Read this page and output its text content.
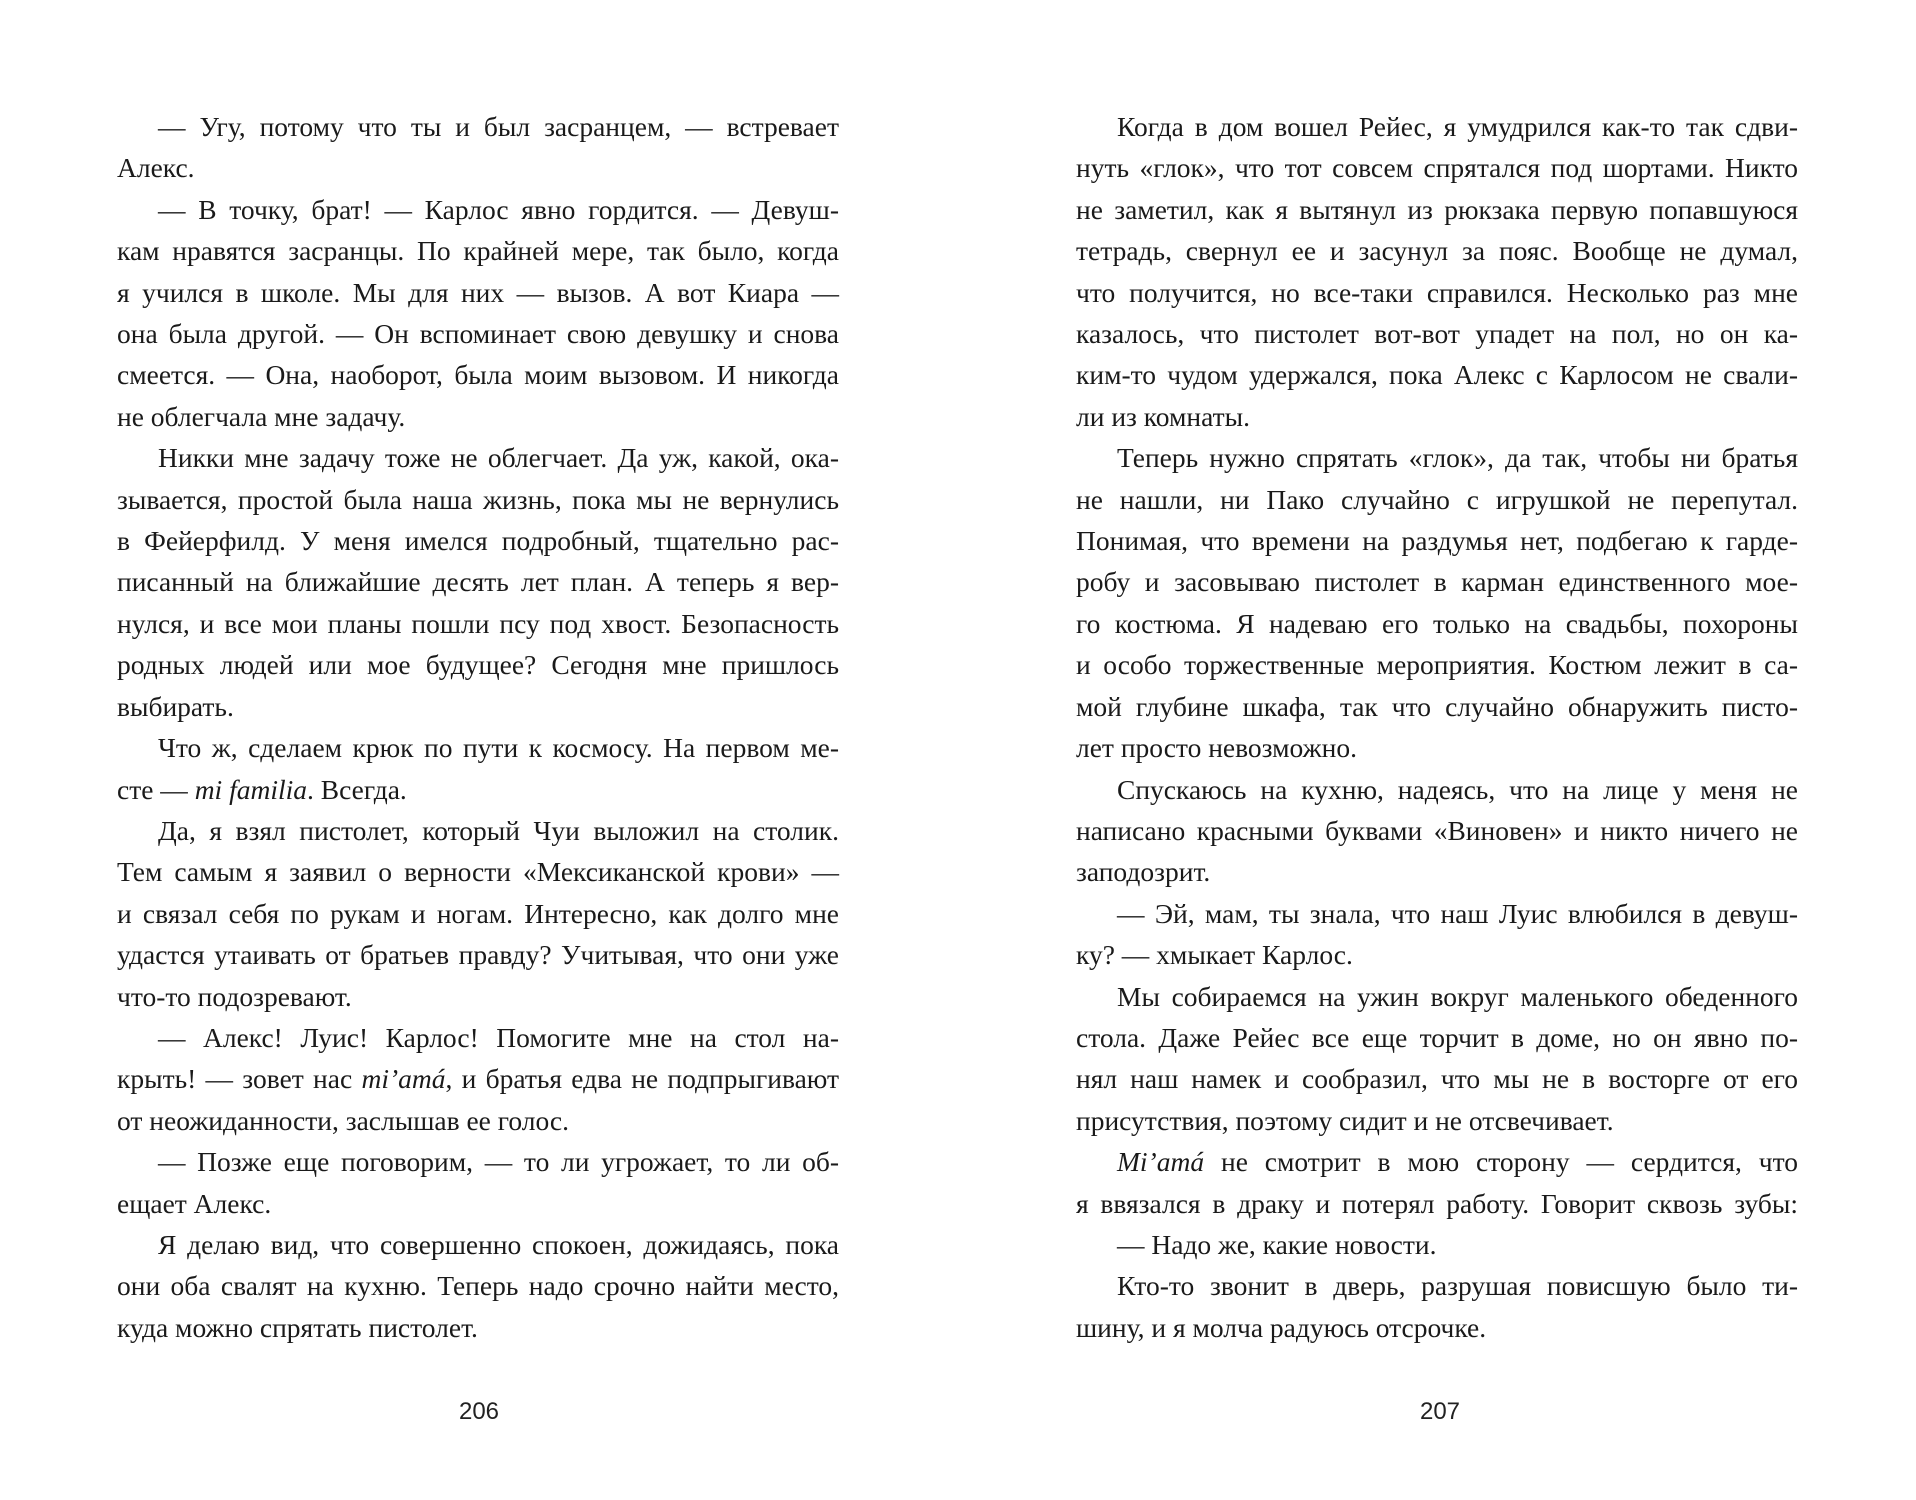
— Угу, потому что ты и был засранцем, — встревает
Алекс.
— В точку, брат! — Карлос явно гордится. — Девуш-
кам нравятся засранцы. По крайней мере, так было, когда
я учился в школе. Мы для них — вызов. А вот Киара —
она была другой. — Он вспоминает свою девушку и снова
смеется. — Она, наоборот, была моим вызовом. И никогда
не облегчала мне задачу.
Никки мне задачу тоже не облегчает. Да уж, какой, ока-
зывается, простой была наша жизнь, пока мы не вернулись
в Фейерфилд. У меня имелся подробный, тщательно рас-
писанный на ближайшие десять лет план. А теперь я вер-
нулся, и все мои планы пошли псу под хвост. Безопасность
родных людей или мое будущее? Сегодня мне пришлось
выбирать.
Что ж, сделаем крюк по пути к космосу. На первом ме-
сте — mi familia. Всегда.
Да, я взял пистолет, который Чуи выложил на столик.
Тем самым я заявил о верности «Мексиканской крови» —
и связал себя по рукам и ногам. Интересно, как долго мне
удастся утаивать от братьев правду? Учитывая, что они уже
что-то подозревают.
— Алекс! Луис! Карлос! Помогите мне на стол на-
крыть! — зовет нас mi’amá, и братья едва не подпрыгивают
от неожиданности, заслышав ее голос.
— Позже еще поговорим, — то ли угрожает, то ли об-
ещает Алекс.
Я делаю вид, что совершенно спокоен, дожидаясь, пока
они оба свалят на кухню. Теперь надо срочно найти место,
куда можно спрятать пистолет.
206
Когда в дом вошел Рейес, я умудрился как-то так сдви-
нуть «глок», что тот совсем спрятался под шортами. Никто
не заметил, как я вытянул из рюкзака первую попавшуюся
тетрадь, свернул ее и засунул за пояс. Вообще не думал,
что получится, но все-таки справился. Несколько раз мне
казалось, что пистолет вот-вот упадет на пол, но он ка-
ким-то чудом удержался, пока Алекс с Карлосом не свали-
ли из комнаты.
Теперь нужно спрятать «глок», да так, чтобы ни братья
не нашли, ни Пако случайно с игрушкой не перепутал.
Понимая, что времени на раздумья нет, подбегаю к гарде-
робу и засовываю пистолет в карман единственного мое-
го костюма. Я надеваю его только на свадьбы, похороны
и особо торжественные мероприятия. Костюм лежит в са-
мой глубине шкафа, так что случайно обнаружить писто-
лет просто невозможно.
Спускаюсь на кухню, надеясь, что на лице у меня не
написано красными буквами «Виновен» и никто ничего не
заподозрит.
— Эй, мам, ты знала, что наш Луис влюбился в девуш-
ку? — хмыкает Карлос.
Мы собираемся на ужин вокруг маленького обеденного
стола. Даже Рейес все еще торчит в доме, но он явно по-
нял наш намек и сообразил, что мы не в восторге от его
присутствия, поэтому сидит и не отсвечивает.
Mi’amá не смотрит в мою сторону — сердится, что
я ввязался в драку и потерял работу. Говорит сквозь зубы:
— Надо же, какие новости.
Кто-то звонит в дверь, разрушая повисшую было ти-
шину, и я молча радуюсь отсрочке.
207
